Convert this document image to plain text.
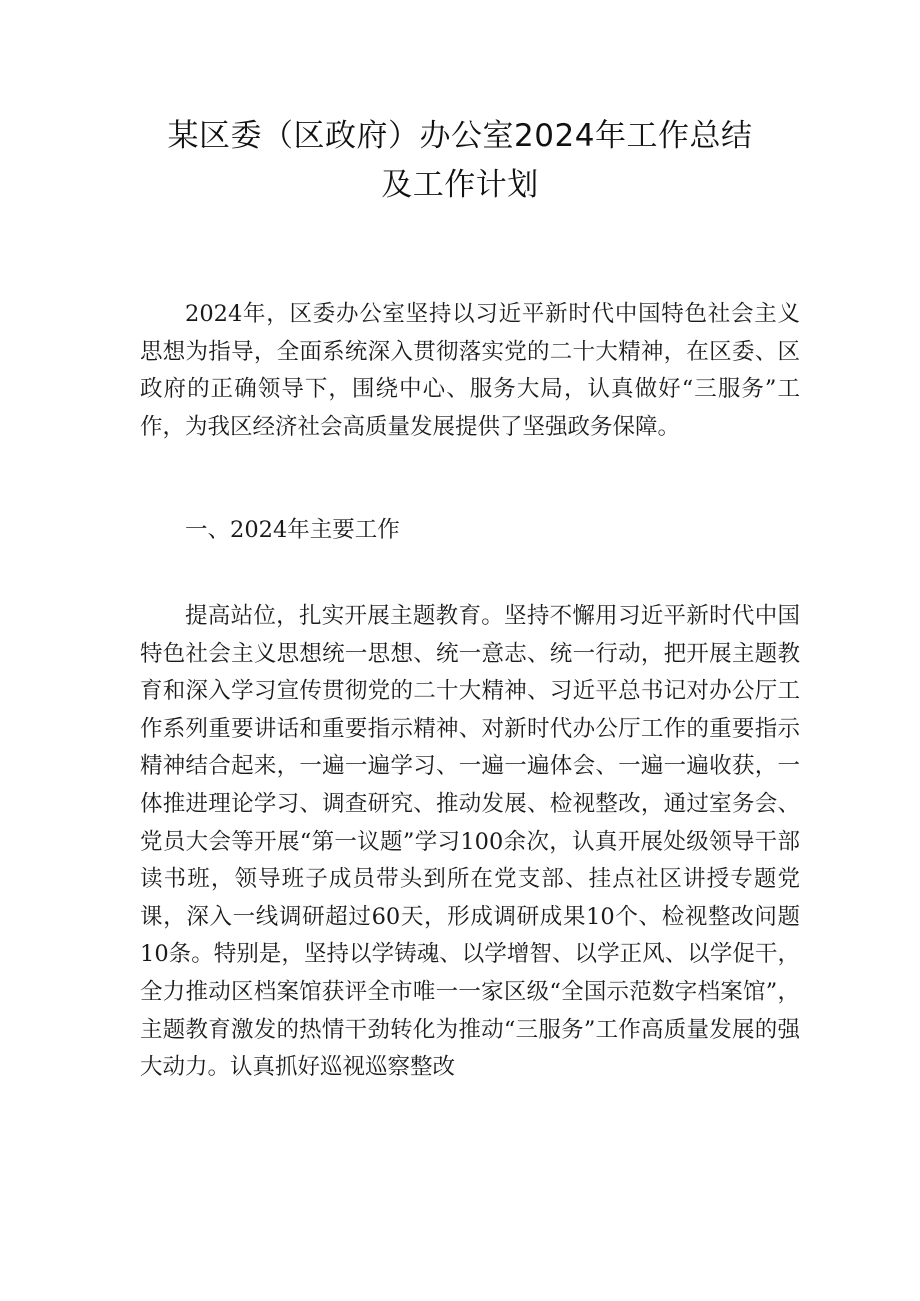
某区委（区政府）办公室2024年工作总结
及工作计划

2024年，区委办公室坚持以习近平新时代中国特色社会主义思想为指导，全面系统深入贯彻落实党的二十大精神，在区委、区政府的正确领导下，围绕中心、服务大局，认真做好“三服务”工作，为我区经济社会高质量发展提供了坚强政务保障。

一、2024年主要工作

提高站位，扎实开展主题教育。坚持不懈用习近平新时代中国特色社会主义思想统一思想、统一意志、统一行动，把开展主题教育和深入学习宣传贯彻党的二十大精神、习近平总书记对办公厅工作系列重要讲话和重要指示精神、对新时代办公厅工作的重要指示精神结合起来，一遍一遍学习、一遍一遍体会、一遍一遍收获，一体推进理论学习、调查研究、推动发展、检视整改，通过室务会、党员大会等开展“第一议题”学习100余次，认真开展处级领导干部读书班，领导班子成员带头到所在党支部、挂点社区讲授专题党课，深入一线调研超过60天，形成调研成果10个、检视整改问题10条。特别是，坚持以学铸魂、以学增智、以学正风、以学促干，全力推动区档案馆获评全市唯一一家区级“全国示范数字档案馆”，主题教育激发的热情干劲转化为推动“三服务”工作高质量发展的强大动力。认真抓好巡视巡察整改
